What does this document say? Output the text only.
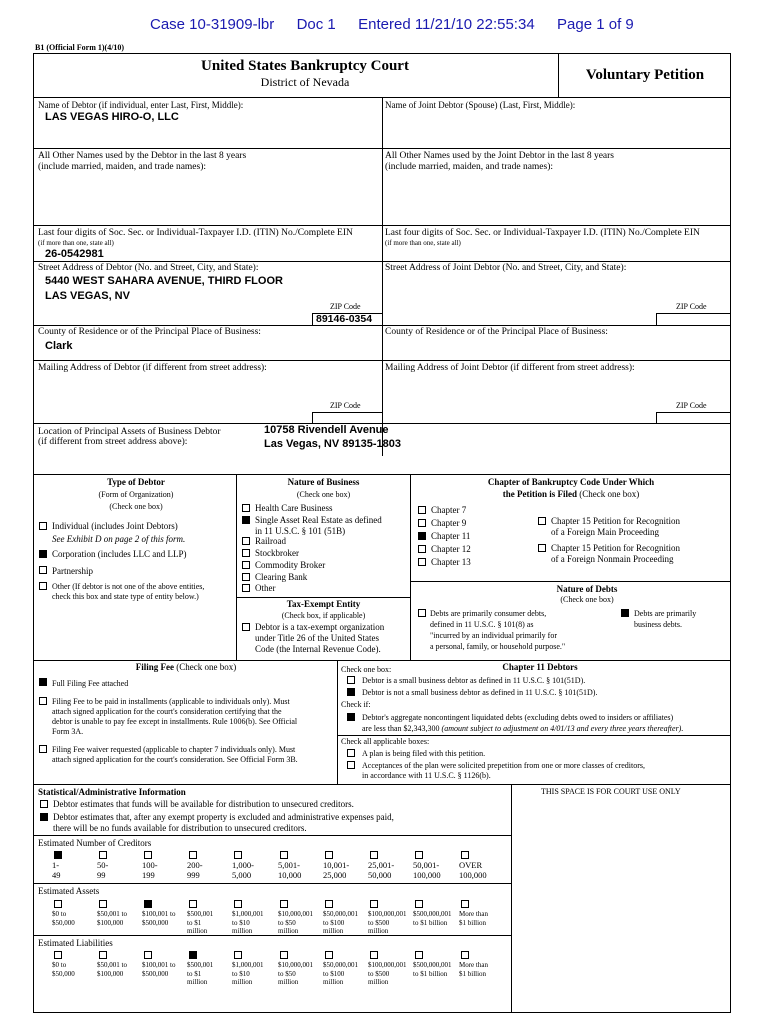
Case 10-31909-lbr Doc 1 Entered 11/21/10 22:55:34 Page 1 of 9
B1 (Official Form 1)(4/10)
United States Bankruptcy Court
District of Nevada	Voluntary Petition
Name of Debtor (if individual, enter Last, First, Middle):
LAS VEGAS HIRO-O, LLC
Name of Joint Debtor (Spouse) (Last, First, Middle):
All Other Names used by the Debtor in the last 8 years
(include married, maiden, and trade names):
All Other Names used by the Joint Debtor in the last 8 years
(include married, maiden, and trade names):
Last four digits of Soc. Sec. or Individual-Taxpayer I.D. (ITIN) No./Complete EIN
(if more than one, state all)
26-0542981
Last four digits of Soc. Sec. or Individual-Taxpayer I.D. (ITIN) No./Complete EIN
(if more than one, state all)
Street Address of Debtor (No. and Street, City, and State):
5440 WEST SAHARA AVENUE, THIRD FLOOR
LAS VEGAS, NV
Street Address of Joint Debtor (No. and Street, City, and State):
ZIP Code
89146-0354
ZIP Code
County of Residence or of the Principal Place of Business:
Clark
County of Residence or of the Principal Place of Business:
Mailing Address of Debtor (if different from street address):	Mailing Address of Joint Debtor (if different from street address):
ZIP Code	ZIP Code
Location of Principal Assets of Business Debtor
(if different from street address above):
10758 Rivendell Avenue
Las Vegas, NV 89135-1803
Type of Debtor
(Form of Organization)
(Check one box)
Individual (includes Joint Debtors)
See Exhibit D on page 2 of this form.
Corporation (includes LLC and LLP)
Partnership
Other (If debtor is not one of the above entities,
check this box and state type of entity below.)
Nature of Business
(Check one box)
Health Care Business
Single Asset Real Estate as defined
in 11 U.S.C. § 101 (51B)
Railroad
Stockbroker
Commodity Broker
Clearing Bank
Other
Tax-Exempt Entity
(Check box, if applicable)
Debtor is a tax-exempt organization
under Title 26 of the United States
Code (the Internal Revenue Code).
Chapter of Bankruptcy Code Under Which
the Petition is Filed (Check one box)
Chapter 7
Chapter 9
Chapter 11
Chapter 12
Chapter 13
Chapter 15 Petition for Recognition
of a Foreign Main Proceeding
Chapter 15 Petition for Recognition
of a Foreign Nonmain Proceeding
Nature of Debts
(Check one box)
Debts are primarily consumer debts,
defined in 11 U.S.C. § 101(8) as
"incurred by an individual primarily for
a personal, family, or household purpose."
Debts are primarily
business debts.
Filing Fee (Check one box)
Full Filing Fee attached
Filing Fee to be paid in installments (applicable to individuals only). Must
attach signed application for the court's consideration certifying that the
debtor is unable to pay fee except in installments. Rule 1006(b). See Official
Form 3A.
Filing Fee waiver requested (applicable to chapter 7 individuals only). Must
attach signed application for the court's consideration. See Official Form 3B.
Check one box:	Chapter 11 Debtors
Debtor is a small business debtor as defined in 11 U.S.C. § 101(51D).
Debtor is not a small business debtor as defined in 11 U.S.C. § 101(51D).
Check if:
Debtor's aggregate noncontingent liquidated debts (excluding debts owed to insiders or affiliates)
are less than $2,343,300 (amount subject to adjustment on 4/01/13 and every three years thereafter).
Check all applicable boxes:
A plan is being filed with this petition.
Acceptances of the plan were solicited prepetition from one or more classes of creditors,
in accordance with 11 U.S.C. § 1126(b).
Statistical/Administrative Information	THIS SPACE IS FOR COURT USE ONLY
Debtor estimates that funds will be available for distribution to unsecured creditors.
Debtor estimates that, after any exempt property is excluded and administrative expenses paid,
there will be no funds available for distribution to unsecured creditors.
Estimated Number of Creditors
1-
49
50-
99
100-
199
200-
999
1,000-
5,000
5,001-
10,000
10,001-
25,000
25,001-
50,000
50,001-
100,000
OVER
100,000
Estimated Assets
$0 to
$50,000
$50,001 to
$100,000
$100,001 to
$500,000
$500,001
to $1
million
$1,000,001
to $10
million
$10,000,001
to $50
million
$50,000,001
to $100
million
$100,000,001
to $500
million
$500,000,001
to $1 billion
More than
$1 billion
Estimated Liabilities
$0 to
$50,000
$50,001 to
$100,000
$100,001 to
$500,000
$500,001
to $1
million
$1,000,001
to $10
million
$10,000,001
to $50
million
$50,000,001
to $100
million
$100,000,001
to $500
million
$500,000,001
to $1 billion
More than
$1 billion
